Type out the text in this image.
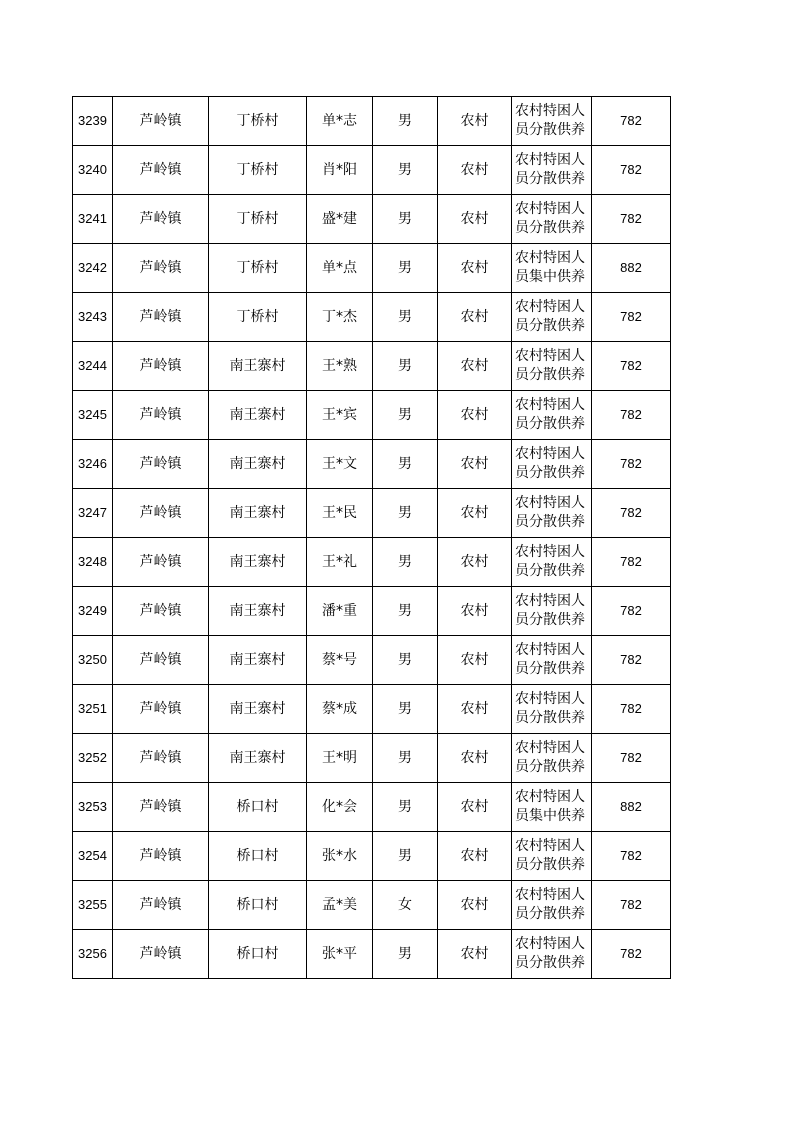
3239	芦岭镇	丁桥村	单*志	男	农村	农村特困人
员分散供养	782
3240	芦岭镇	丁桥村	肖*阳	男	农村	农村特困人
员分散供养	782
3241	芦岭镇	丁桥村	盛*建	男	农村	农村特困人
员分散供养	782
3242	芦岭镇	丁桥村	单*点	男	农村	农村特困人
员集中供养	882
3243	芦岭镇	丁桥村	丁*杰	男	农村	农村特困人
员分散供养	782
3244	芦岭镇	南王寨村	王*熟	男	农村	农村特困人
员分散供养	782
3245	芦岭镇	南王寨村	王*宾	男	农村	农村特困人
员分散供养	782
3246	芦岭镇	南王寨村	王*文	男	农村	农村特困人
员分散供养	782
3247	芦岭镇	南王寨村	王*民	男	农村	农村特困人
员分散供养	782
3248	芦岭镇	南王寨村	王*礼	男	农村	农村特困人
员分散供养	782
3249	芦岭镇	南王寨村	潘*重	男	农村	农村特困人
员分散供养	782
3250	芦岭镇	南王寨村	蔡*号	男	农村	农村特困人
员分散供养	782
3251	芦岭镇	南王寨村	蔡*成	男	农村	农村特困人
员分散供养	782
3252	芦岭镇	南王寨村	王*明	男	农村	农村特困人
员分散供养	782
3253	芦岭镇	桥口村	化*会	男	农村	农村特困人
员集中供养	882
3254	芦岭镇	桥口村	张*水	男	农村	农村特困人
员分散供养	782
3255	芦岭镇	桥口村	孟*美	女	农村	农村特困人
员分散供养	782
3256	芦岭镇	桥口村	张*平	男	农村	农村特困人
员分散供养	782
